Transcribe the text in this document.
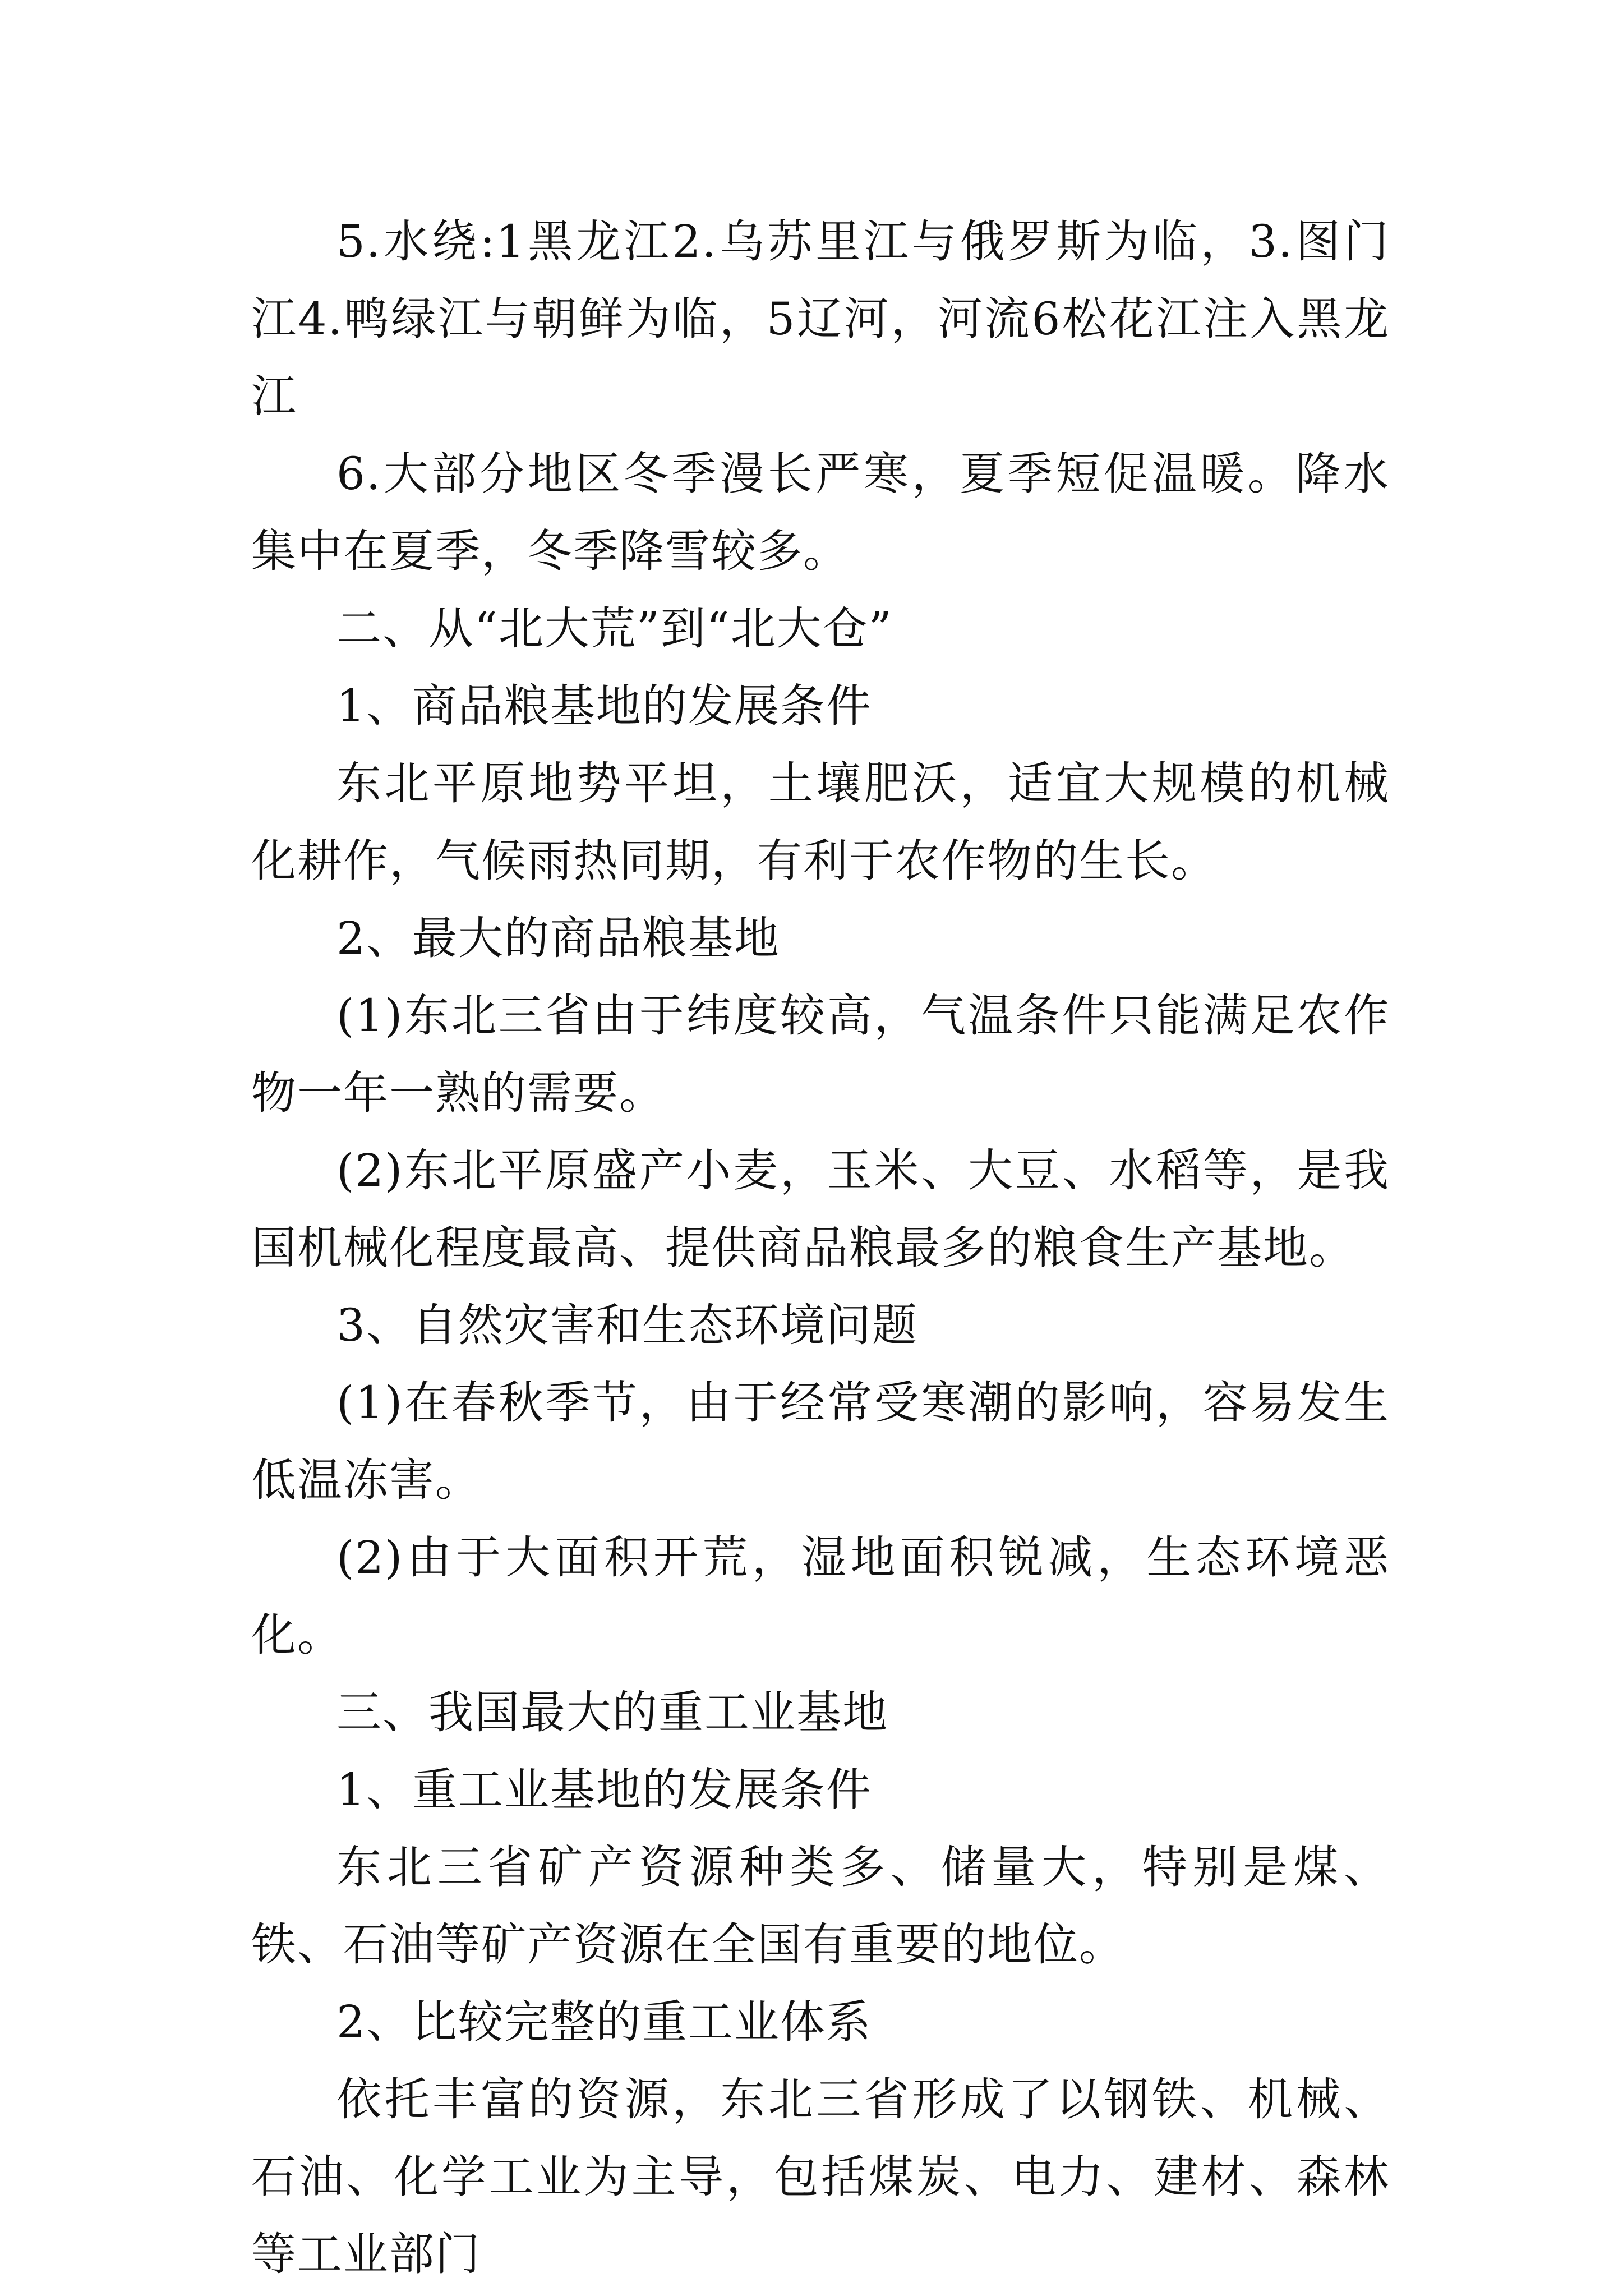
5.水绕:1黑龙江2.乌苏里江与俄罗斯为临，3.图门江4.鸭绿江与朝鲜为临，5辽河，河流6松花江注入黑龙江

6.大部分地区冬季漫长严寒，夏季短促温暖。降水集中在夏季，冬季降雪较多。

二、从“北大荒”到“北大仓”

1、商品粮基地的发展条件

东北平原地势平坦，土壤肥沃，适宜大规模的机械化耕作，气候雨热同期，有利于农作物的生长。

2、最大的商品粮基地

(1)东北三省由于纬度较高，气温条件只能满足农作物一年一熟的需要。

(2)东北平原盛产小麦，玉米、大豆、水稻等，是我国机械化程度最高、提供商品粮最多的粮食生产基地。

3、自然灾害和生态环境问题

(1)在春秋季节，由于经常受寒潮的影响，容易发生低温冻害。

(2)由于大面积开荒，湿地面积锐减，生态环境恶化。

三、我国最大的重工业基地

1、重工业基地的发展条件

东北三省矿产资源种类多、储量大，特别是煤、铁、石油等矿产资源在全国有重要的地位。

2、比较完整的重工业体系

依托丰富的资源，东北三省形成了以钢铁、机械、石油、化学工业为主导，包括煤炭、电力、建材、森林等工业部门
